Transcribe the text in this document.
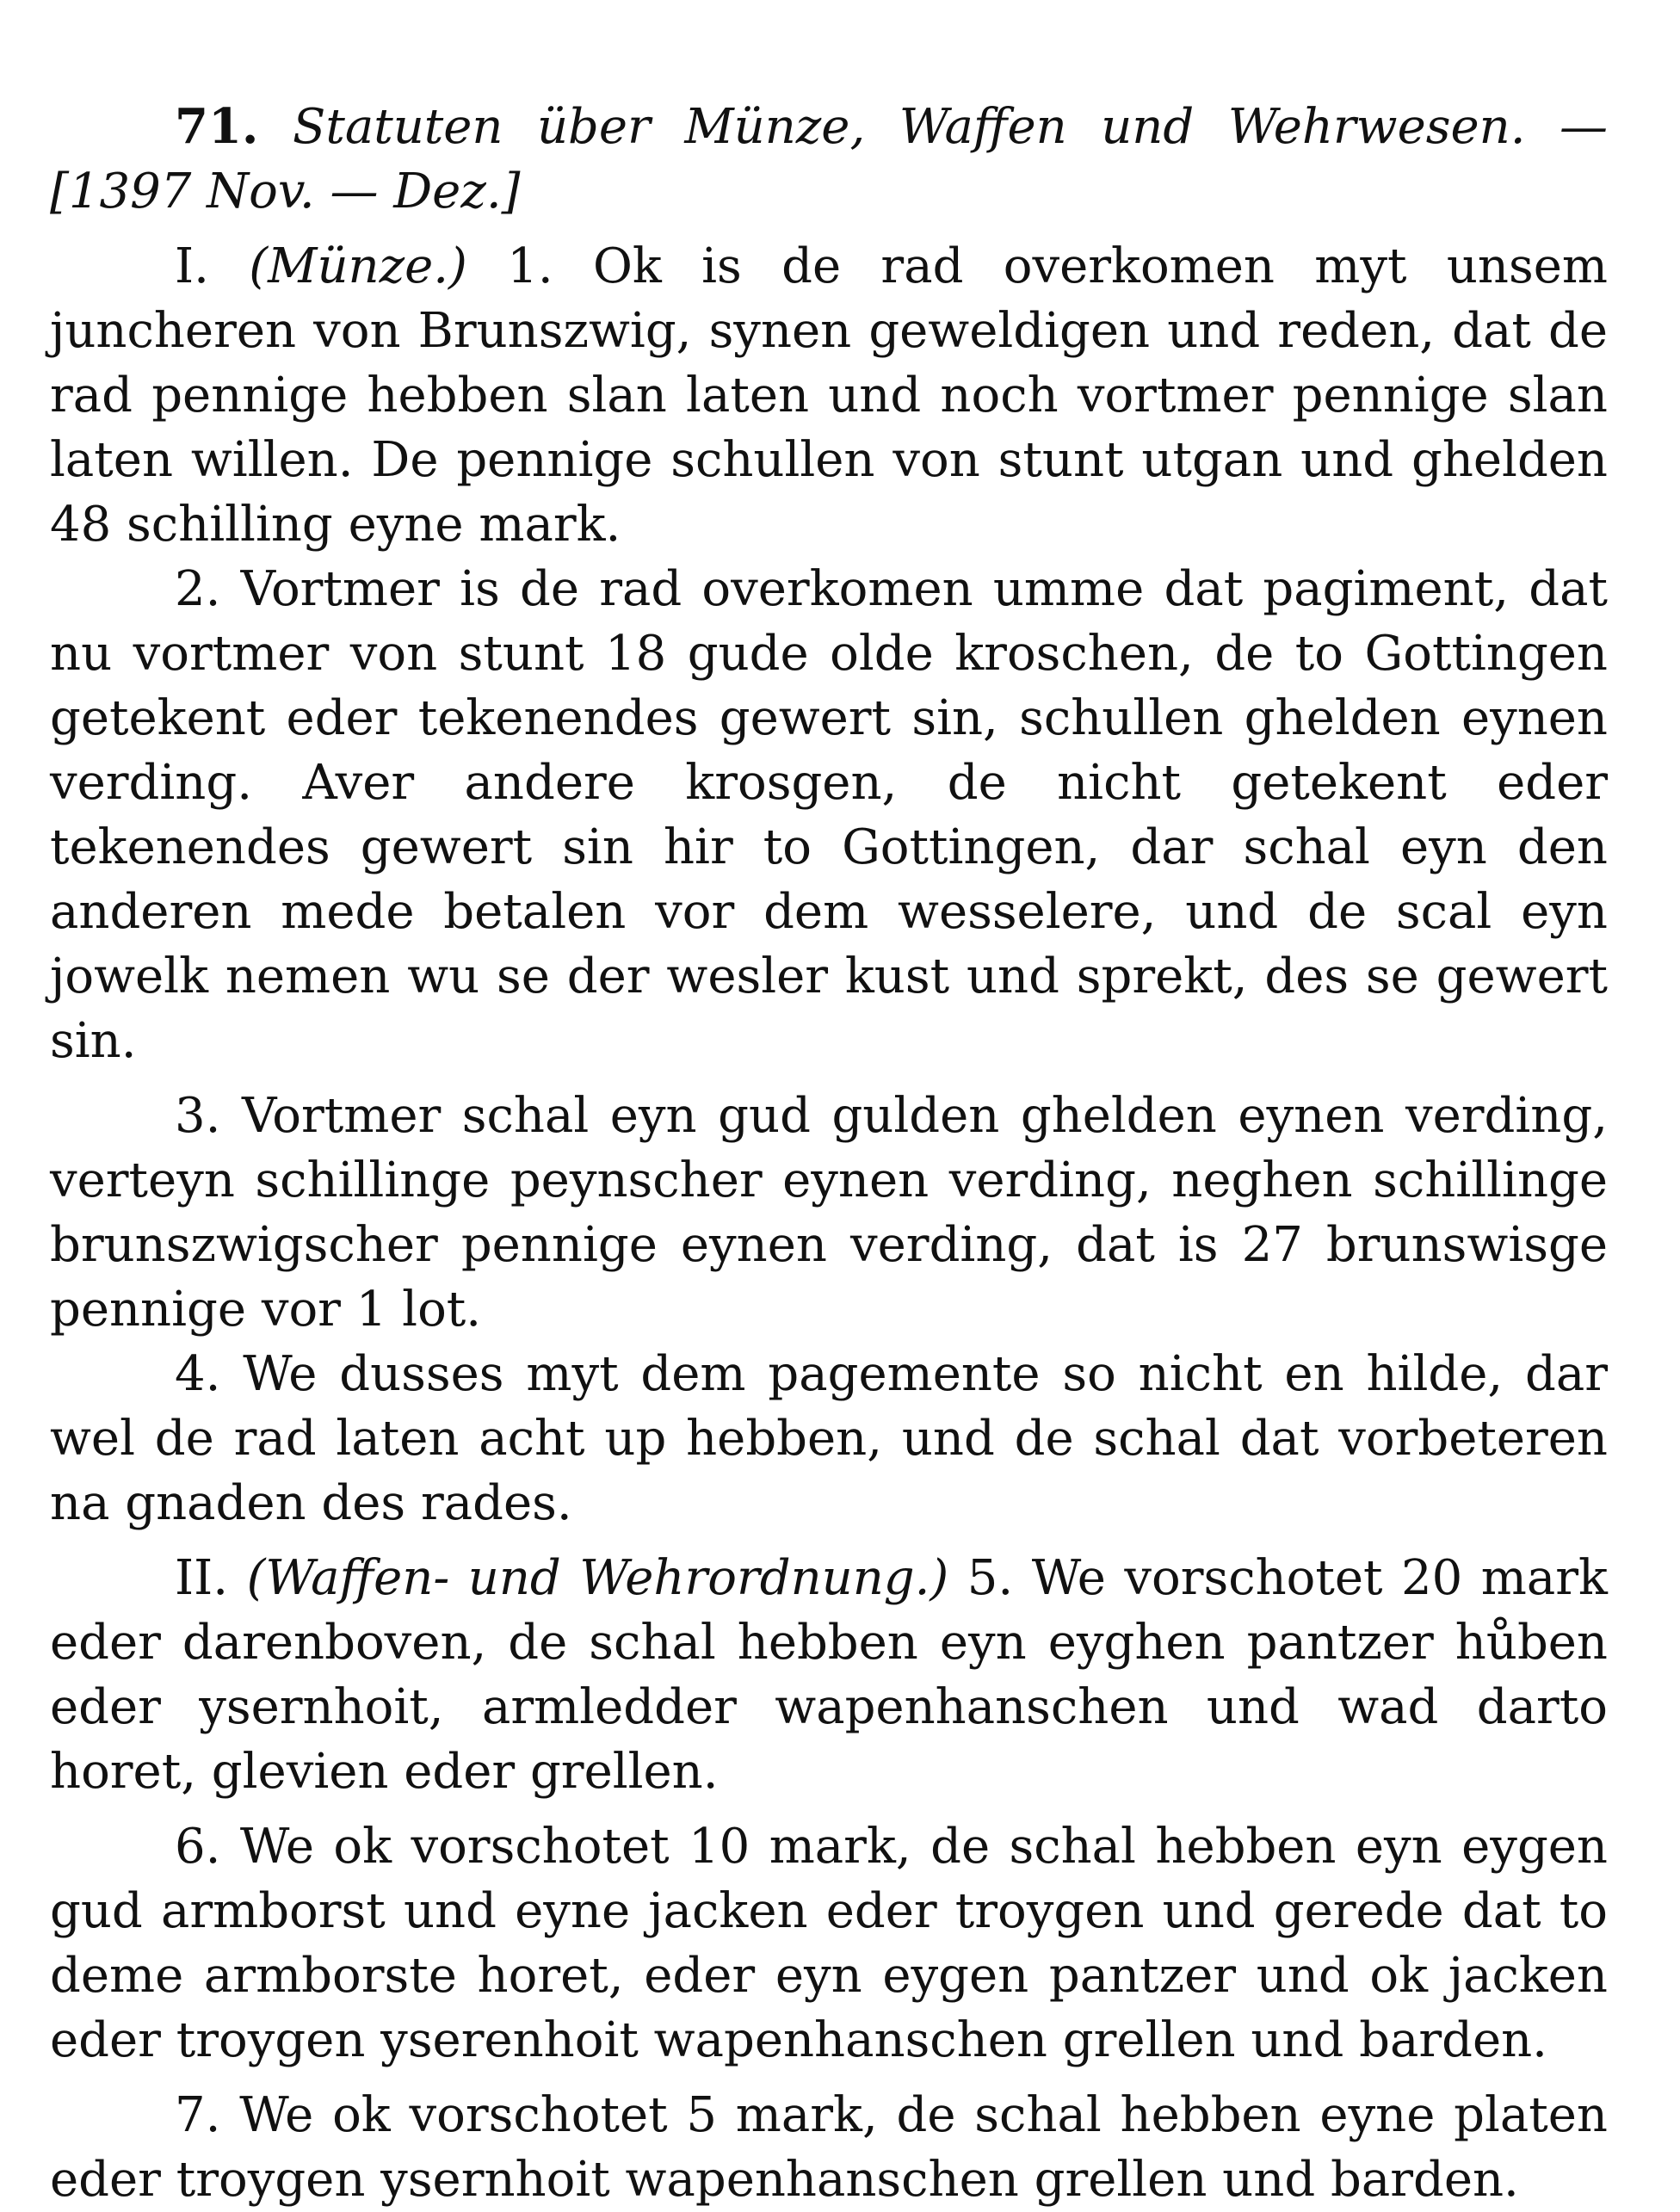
71. Statuten über Münze, Waffen und Wehrwesen. — [1397 Nov. — Dez.]

I. (Münze.) 1. Ok is de rad overkomen myt unsem juncheren von Brunszwig, synen geweldigen und reden, dat de rad pennige hebben slan laten und noch vortmer pennige slan laten willen. De pennige schullen von stunt utgan und ghelden 48 schilling eyne mark.

2. Vortmer is de rad overkomen umme dat pagiment, dat nu vortmer von stunt 18 gude olde kroschen, de to Gottingen getekent eder tekenendes gewert sin, schullen ghelden eynen verding. Aver andere krosgen, de nicht getekent eder tekenendes gewert sin hir to Gottingen, dar schal eyn den anderen mede betalen vor dem wesselere, und de scal eyn jowelk nemen wu se der wesler kust und sprekt, des se gewert sin.

3. Vortmer schal eyn gud gulden ghelden eynen verding, verteyn schillinge peynscher eynen verding, neghen schillinge brunszwigscher pennige eynen verding, dat is 27 brunswisge pennige vor 1 lot.

4. We dusses myt dem pagemente so nicht en hilde, dar wel de rad laten acht up hebben, und de schal dat vorbeteren na gnaden des rades.

II. (Waffen- und Wehrordnung.) 5. We vorschotet 20 mark eder darenboven, de schal hebben eyn eyghen pantzer hůben eder ysernhoit, armledder wapenhanschen und wad darto horet, glevien eder grellen.

6. We ok vorschotet 10 mark, de schal hebben eyn eygen gud armborst und eyne jacken eder troygen und gerede dat to deme armborste horet, eder eyn eygen pantzer und ok jacken eder troygen yserenhoit wapenhanschen grellen und barden.

7. We ok vorschotet 5 mark, de schal hebben eyne platen eder troygen ysernhoit wapenhanschen grellen und barden.
